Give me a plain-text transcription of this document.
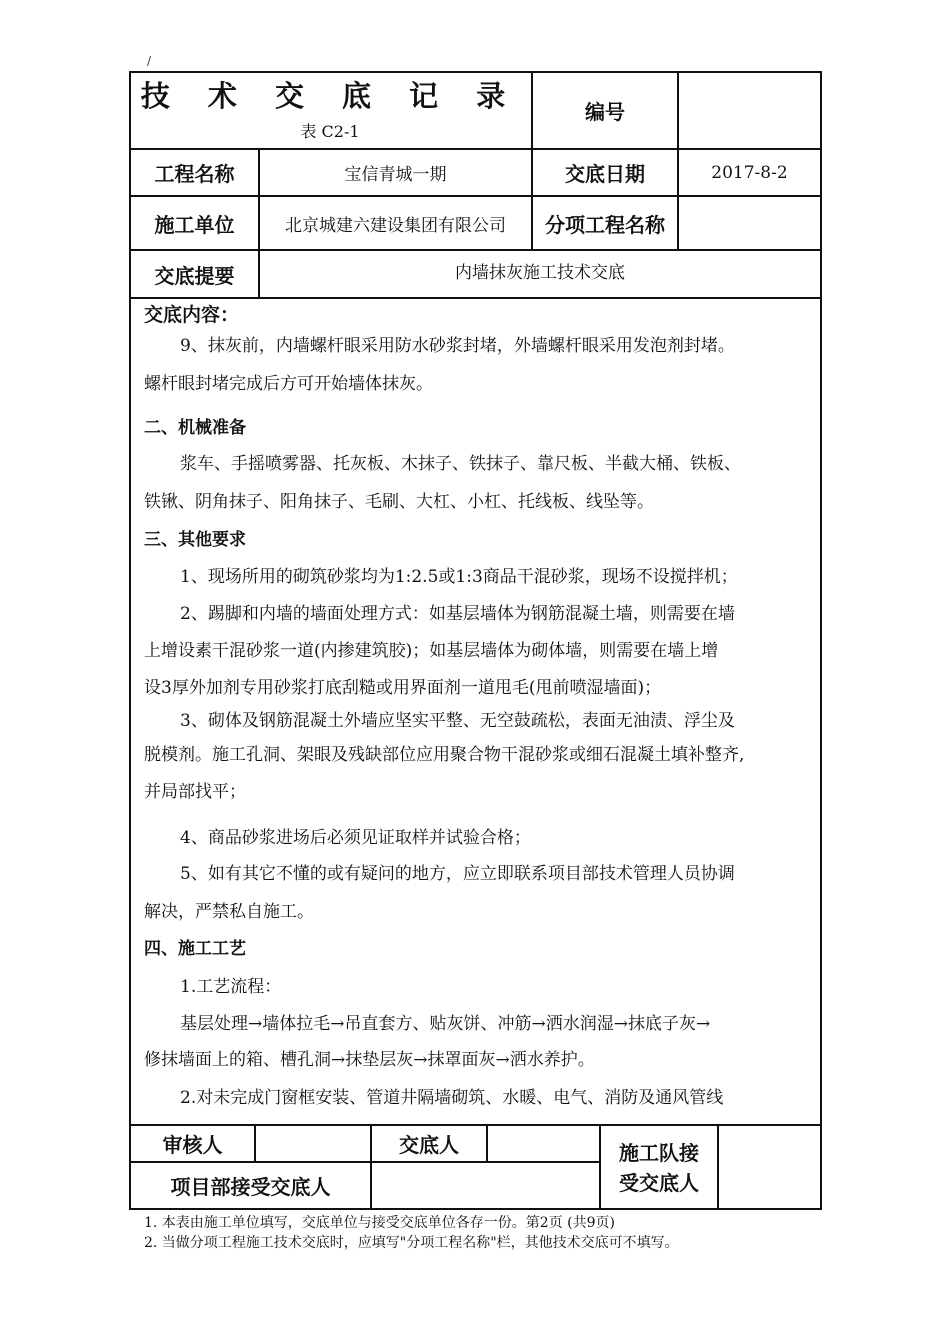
/
技 术 交 底 记 录
表 C2-1
编号
工程名称	宝信青城一期	交底日期	2017-8-2
施工单位	北京城建六建设集团有限公司	分项工程名称
交底提要	内墙抹灰施工技术交底
交底内容：
9、抹灰前，内墙螺杆眼采用防水砂浆封堵，外墙螺杆眼采用发泡剂封堵。
螺杆眼封堵完成后方可开始墙体抹灰。
二、机械准备
浆车、手摇喷雾器、托灰板、木抹子、铁抹子、靠尺板、半截大桶、铁板、
铁锹、阴角抹子、阳角抹子、毛刷、大杠、小杠、托线板、线坠等。
三、其他要求
1、现场所用的砌筑砂浆均为1:2.5或1:3商品干混砂浆，现场不设搅拌机；
2、踢脚和内墙的墙面处理方式：如基层墙体为钢筋混凝土墙，则需要在墙
上增设素干混砂浆一道(内掺建筑胶)；如基层墙体为砌体墙，则需要在墙上增
设3厚外加剂专用砂浆打底刮糙或用界面剂一道甩毛(甩前喷湿墙面)；
3、砌体及钢筋混凝土外墙应坚实平整、无空鼓疏松，表面无油渍、浮尘及
脱模剂。施工孔洞、架眼及残缺部位应用聚合物干混砂浆或细石混凝土填补整齐,
并局部找平；
4、商品砂浆进场后必须见证取样并试验合格；
5、如有其它不懂的或有疑问的地方，应立即联系项目部技术管理人员协调
解决，严禁私自施工。
四、施工工艺
1.工艺流程：
基层处理→墙体拉毛→吊直套方、贴灰饼、冲筋→洒水润湿→抹底子灰→
修抹墙面上的箱、槽孔洞→抹垫层灰→抹罩面灰→洒水养护。
2.对未完成门窗框安装、管道井隔墙砌筑、水暖、电气、消防及通风管线
审核人	交底人	施工队接受交底人
项目部接受交底人
1. 本表由施工单位填写，交底单位与接受交底单位各存一份。第2页 (共9页)
2. 当做分项工程施工技术交底时，应填写"分项工程名称"栏，其他技术交底可不填写。
